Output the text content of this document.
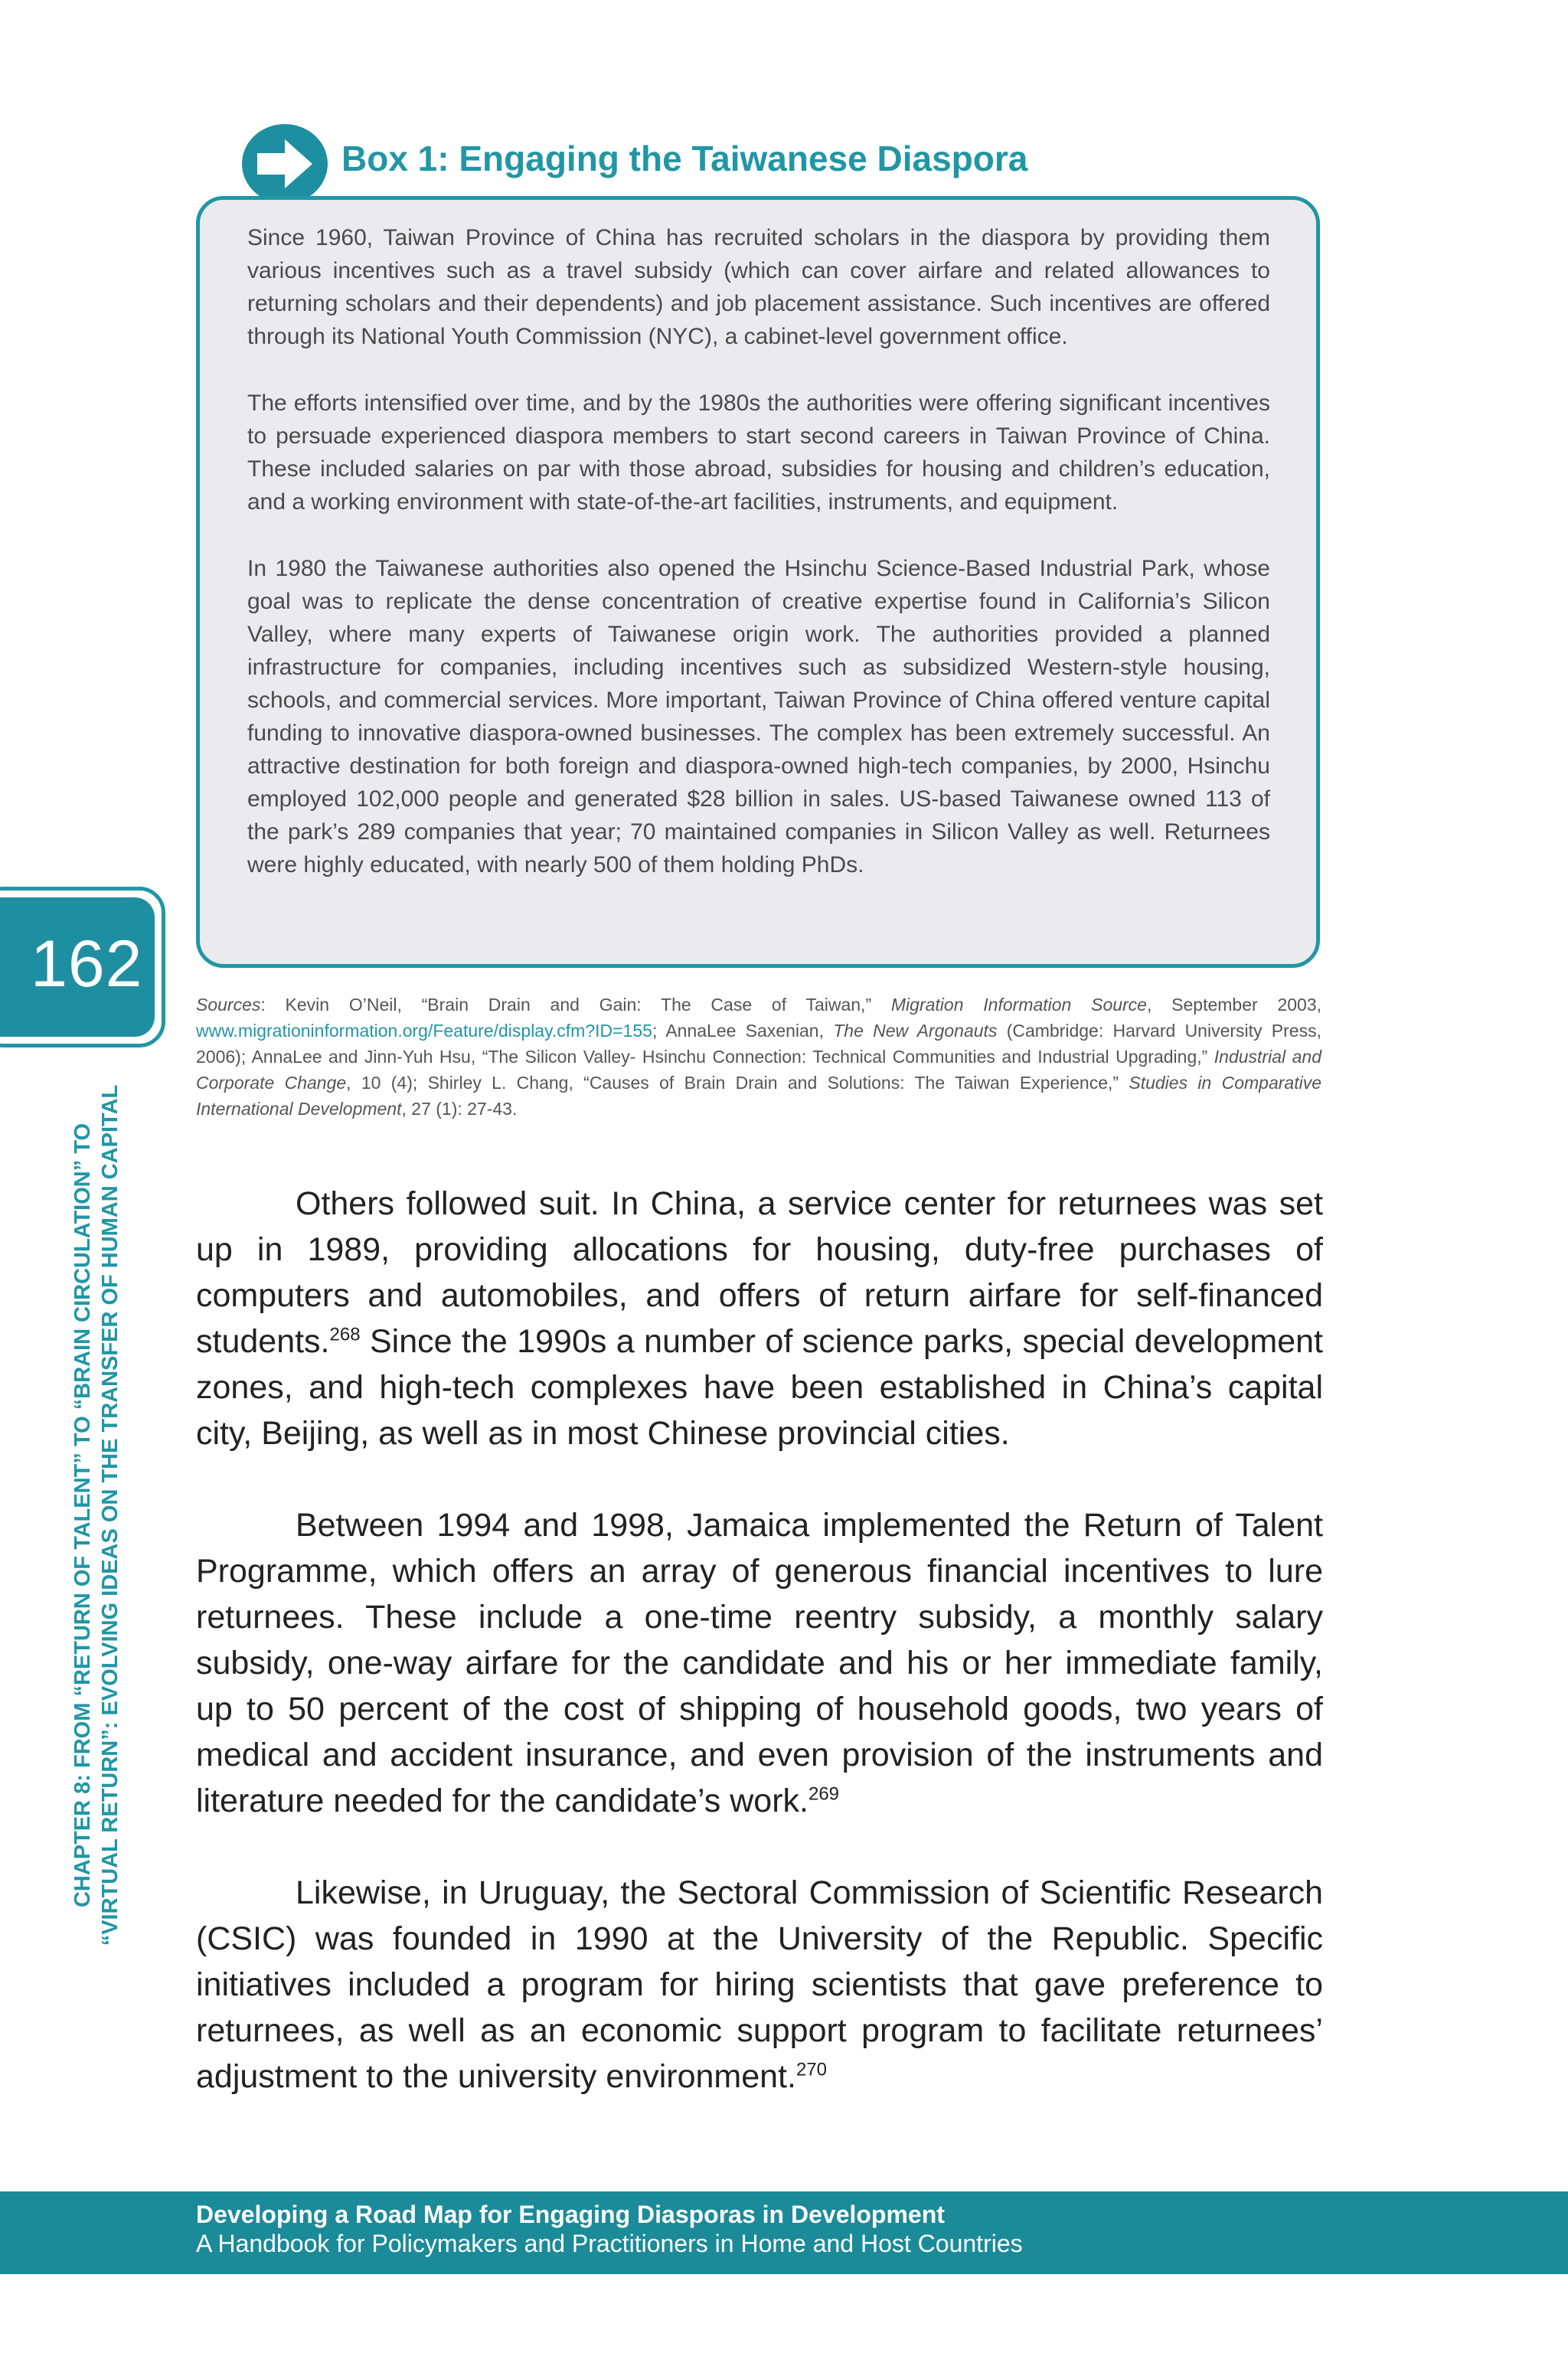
Box 1: Engaging the Taiwanese Diaspora

Since 1960, Taiwan Province of China has recruited scholars in the diaspora by providing them various incentives such as a travel subsidy (which can cover airfare and related allowances to returning scholars and their dependents) and job placement assistance. Such incentives are offered through its National Youth Commission (NYC), a cabinet-level government office.

The efforts intensified over time, and by the 1980s the authorities were offering significant incentives to persuade experienced diaspora members to start second careers in Taiwan Province of China. These included salaries on par with those abroad, subsidies for housing and children’s education, and a working environment with state-of-the-art facilities, instruments, and equipment.

In 1980 the Taiwanese authorities also opened the Hsinchu Science-Based Industrial Park, whose goal was to replicate the dense concentration of creative expertise found in California’s Silicon Valley, where many experts of Taiwanese origin work. The authorities provided a planned infrastructure for companies, including incentives such as subsidized Western-style housing, schools, and commercial services. More important, Taiwan Province of China offered venture capital funding to innovative diaspora-owned businesses. The complex has been extremely successful. An attractive destination for both foreign and diaspora-owned high-tech companies, by 2000, Hsinchu employed 102,000 people and generated $28 billion in sales. US-based Taiwanese owned 113 of the park’s 289 companies that year; 70 maintained companies in Silicon Valley as well. Returnees were highly educated, with nearly 500 of them holding PhDs.

162
CHAPTER 8: FROM “RETURN OF TALENT” TO “BRAIN CIRCULATION” TO “VIRTUAL RETURN”: EVOLVING IDEAS ON THE TRANSFER OF HUMAN CAPITAL
Sources: Kevin O’Neil, “Brain Drain and Gain: The Case of Taiwan,” Migration Information Source, September 2003, www.migrationinformation.org/Feature/display.cfm?ID=155; AnnaLee Saxenian, The New Argonauts (Cambridge: Harvard University Press, 2006); AnnaLee and Jinn-Yuh Hsu, “The Silicon Valley- Hsinchu Connection: Technical Communities and Industrial Upgrading,” Industrial and Corporate Change, 10 (4); Shirley L. Chang, “Causes of Brain Drain and Solutions: The Taiwan Experience,” Studies in Comparative International Development, 27 (1): 27-43.

Others followed suit. In China, a service center for returnees was set up in 1989, providing allocations for housing, duty-free purchases of computers and automobiles, and offers of return airfare for self-financed students.$^{268}$ Since the 1990s a number of science parks, special development zones, and high-tech complexes have been established in China’s capital city, Beijing, as well as in most Chinese provincial cities.

Between 1994 and 1998, Jamaica implemented the Return of Talent Programme, which offers an array of generous financial incentives to lure returnees. These include a one-time reentry subsidy, a monthly salary subsidy, one-way airfare for the candidate and his or her immediate family, up to 50 percent of the cost of shipping of household goods, two years of medical and accident insurance, and even provision of the instruments and literature needed for the candidate’s work.$^{269}$

Likewise, in Uruguay, the Sectoral Commission of Scientific Research (CSIC) was founded in 1990 at the University of the Republic. Specific initiatives included a program for hiring scientists that gave preference to returnees, as well as an economic support program to facilitate returnees’ adjustment to the university environment.$^{270}$

Developing a Road Map for Engaging Diasporas in Development
A Handbook for Policymakers and Practitioners in Home and Host Countries
